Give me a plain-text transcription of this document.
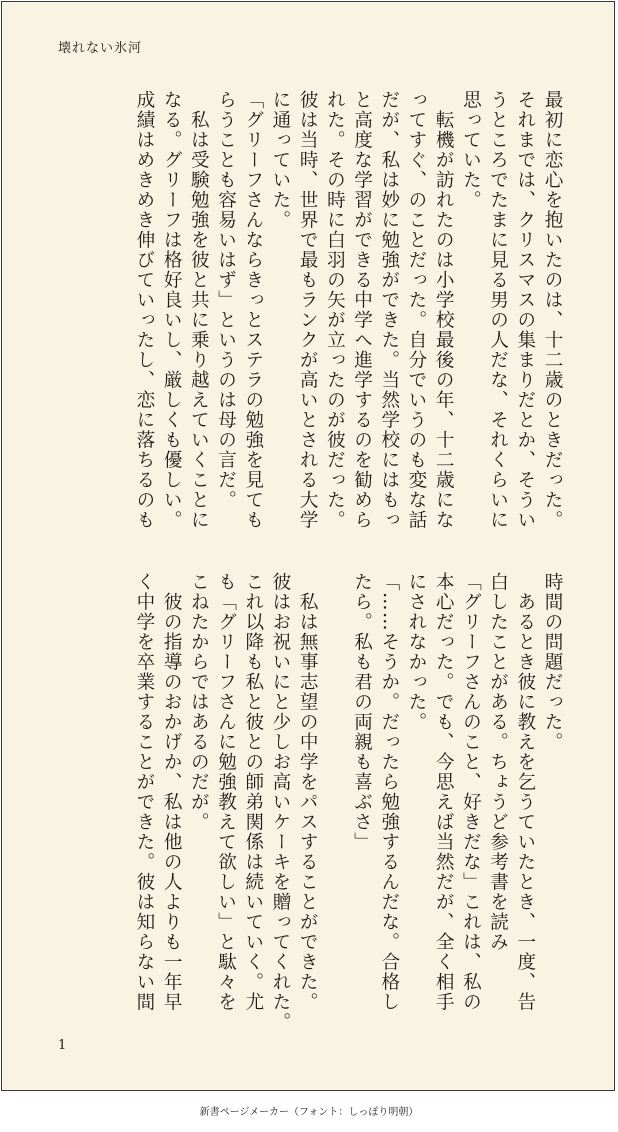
壊れない氷河
最初に恋心を抱いたのは、十二歳のときだった。
それまでは、クリスマスの集まりだとか、そうい
うところでたまに見る男の人だな、それくらいに
思っていた。
　転機が訪れたのは小学校最後の年、十二歳にな
ってすぐ、のことだった。自分でいうのも変な話
だが、私は妙に勉強ができた。当然学校にはもっ
と高度な学習ができる中学へ進学するのを勧めら
れた。その時に白羽の矢が立ったのが彼だった。
彼は当時、世界で最もランクが高いとされる大学
に通っていた。
「グリーフさんならきっとステラの勉強を見ても
らうことも容易いはず」というのは母の言だ。
　私は受験勉強を彼と共に乗り越えていくことに
なる。グリーフは格好良いし、厳しくも優しい。
成績はめきめき伸びていったし、恋に落ちるのも
時間の問題だった。
　あるとき彼に教えを乞うていたとき、一度、告
白したことがある。ちょうど参考書を読み
「グリーフさんのこと、好きだな」これは、私の
本心だった。でも、今思えば当然だが、全く相手
にされなかった。
「……そうか。だったら勉強するんだな。合格し
たら。私も君の両親も喜ぶさ」

　私は無事志望の中学をパスすることができた。
彼はお祝いにと少しお高いケーキを贈ってくれた。
これ以降も私と彼との師弟関係は続いていく。尤
も「グリーフさんに勉強教えて欲しい」と駄々を
こねたからではあるのだが。
　彼の指導のおかげか、私は他の人よりも一年早
く中学を卒業することができた。彼は知らない間
1
新書ページメーカー（フォント：しっぽり明朝）
